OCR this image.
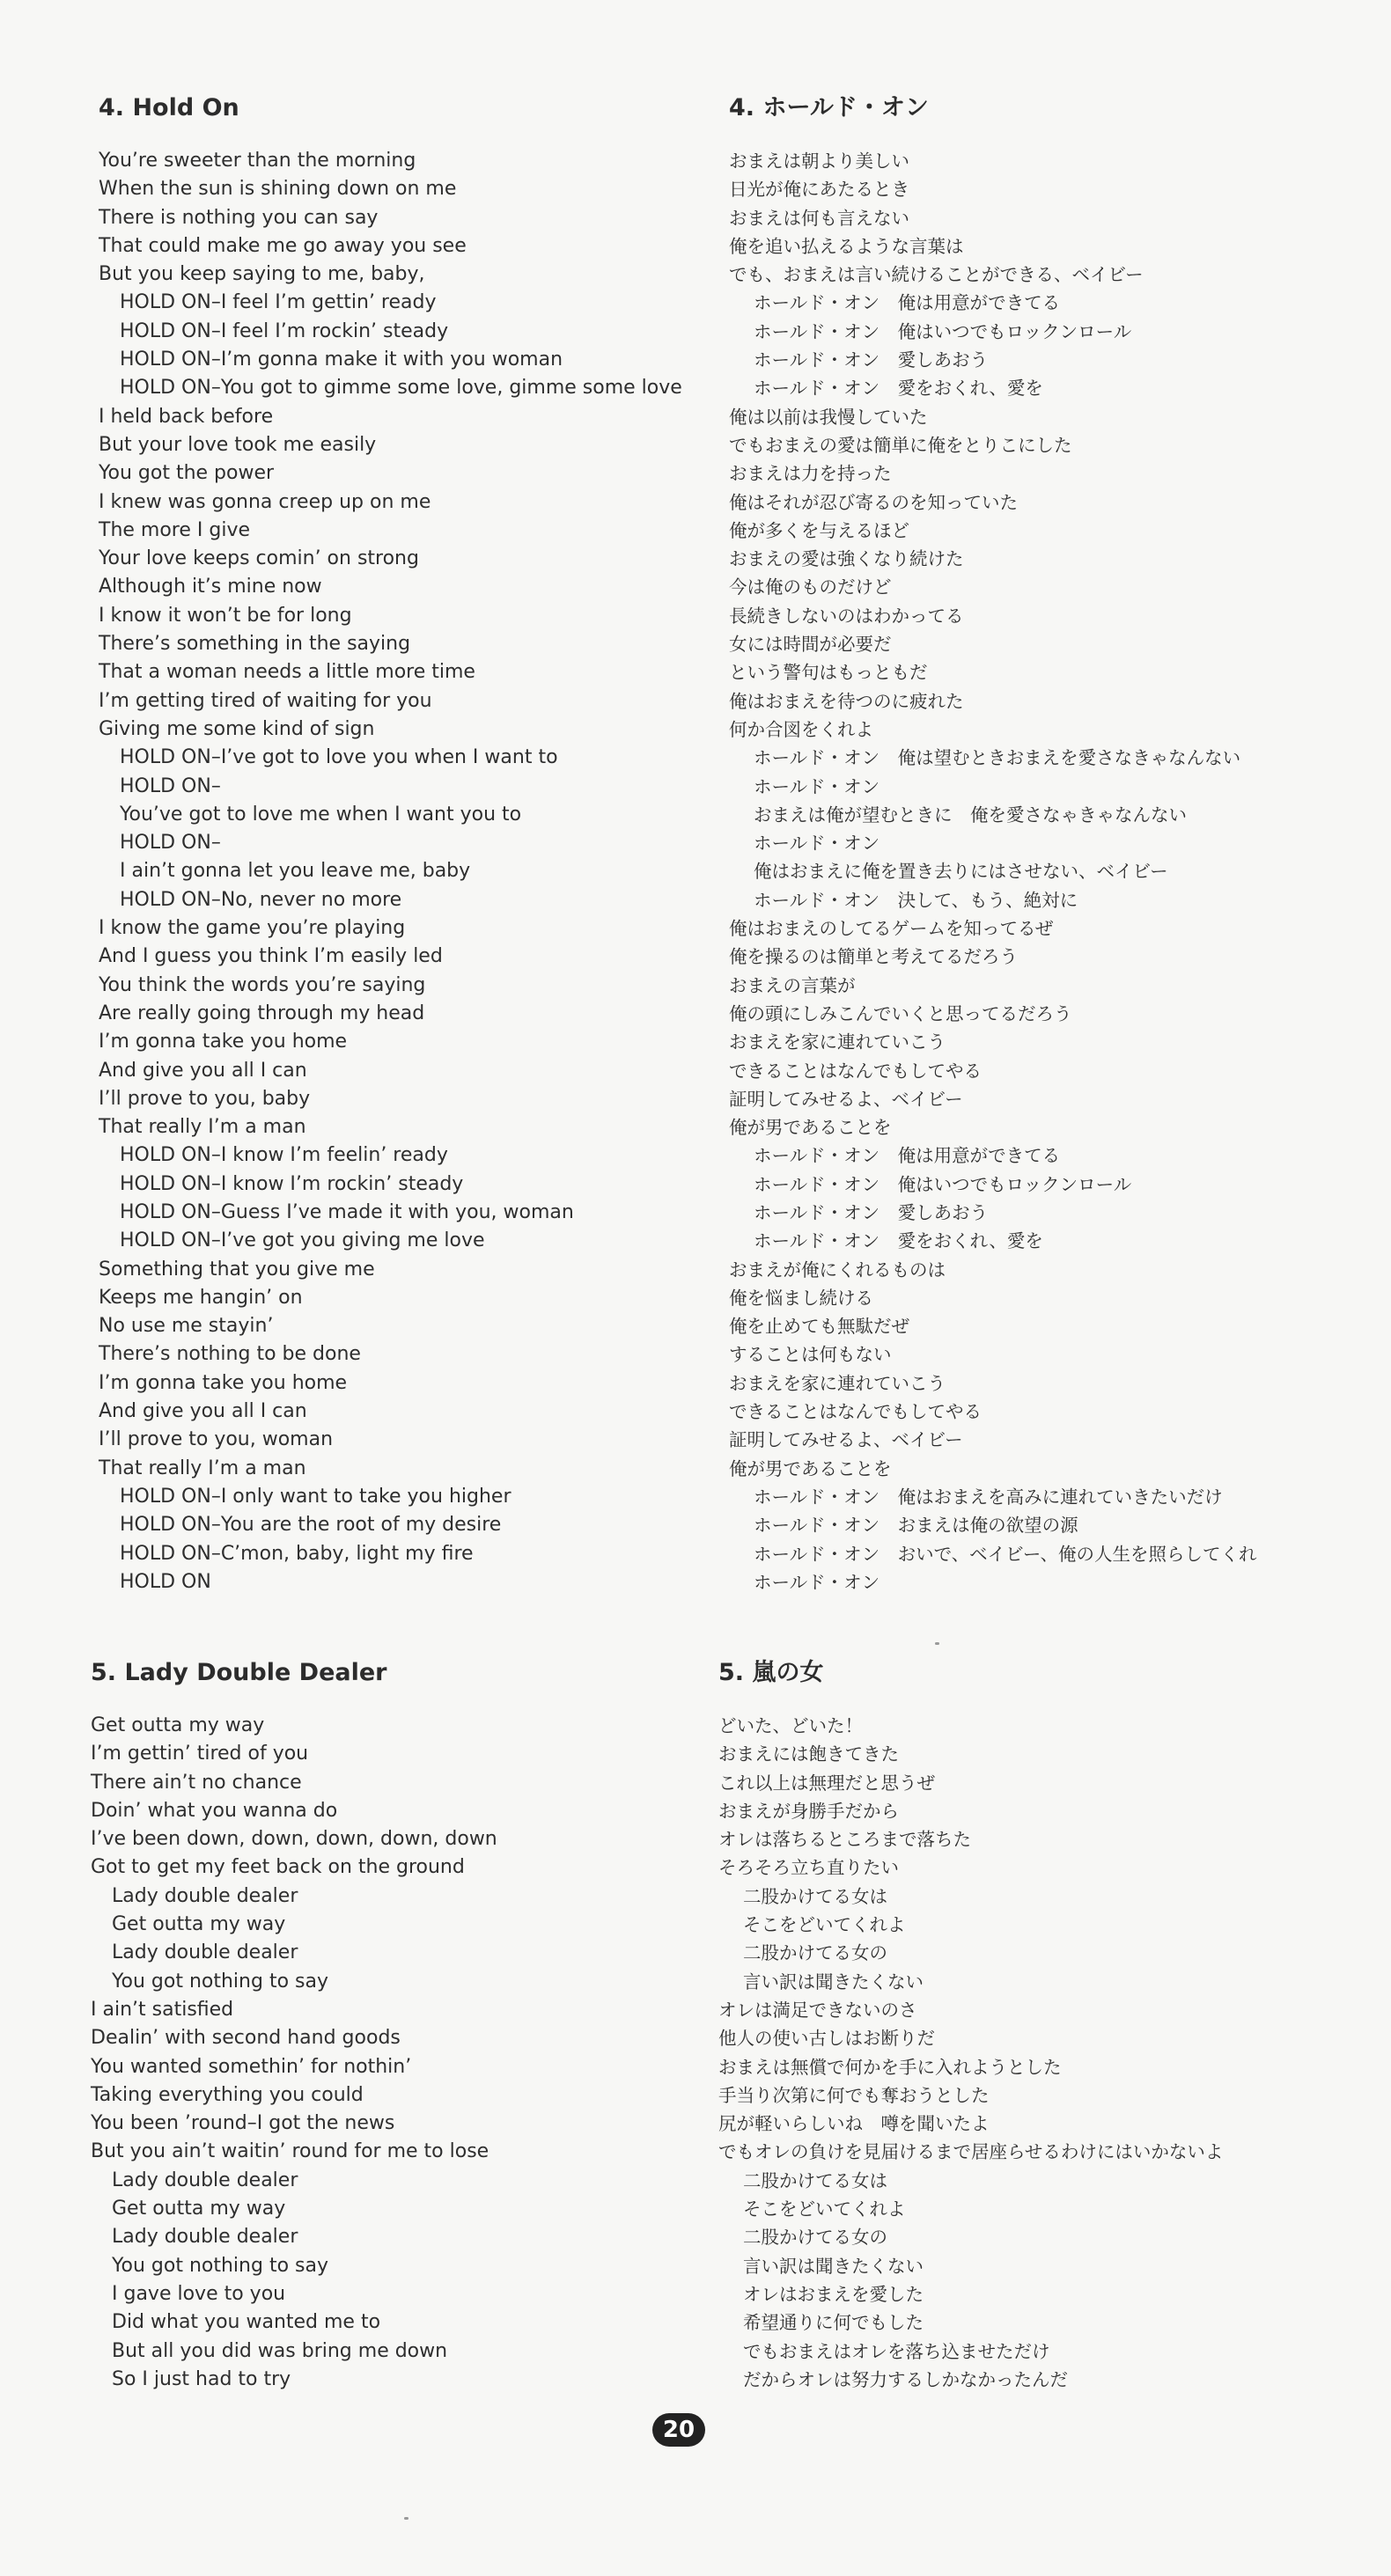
4. Hold On
You’re sweeter than the morning
When the sun is shining down on me
There is nothing you can say
That could make me go away you see
But you keep saying to me, baby,
HOLD ON–I feel I’m gettin’ ready
HOLD ON–I feel I’m rockin’ steady
HOLD ON–I’m gonna make it with you woman
HOLD ON–You got to gimme some love, gimme some love
I held back before
But your love took me easily
You got the power
I knew was gonna creep up on me
The more I give
Your love keeps comin’ on strong
Although it’s mine now
I know it won’t be for long
There’s something in the saying
That a woman needs a little more time
I’m getting tired of waiting for you
Giving me some kind of sign
HOLD ON–I’ve got to love you when I want to
HOLD ON–
You’ve got to love me when I want you to
HOLD ON–
I ain’t gonna let you leave me, baby
HOLD ON–No, never no more
I know the game you’re playing
And I guess you think I’m easily led
You think the words you’re saying
Are really going through my head
I’m gonna take you home
And give you all I can
I’ll prove to you, baby
That really I’m a man
HOLD ON–I know I’m feelin’ ready
HOLD ON–I know I’m rockin’ steady
HOLD ON–Guess I’ve made it with you, woman
HOLD ON–I’ve got you giving me love
Something that you give me
Keeps me hangin’ on
No use me stayin’
There’s nothing to be done
I’m gonna take you home
And give you all I can
I’ll prove to you, woman
That really I’m a man
HOLD ON–I only want to take you higher
HOLD ON–You are the root of my desire
HOLD ON–C’mon, baby, light my fire
HOLD ON
4. ホールド・オン
おまえは朝より美しい
日光が俺にあたるとき
おまえは何も言えない
俺を追い払えるような言葉は
でも、おまえは言い続けることができる、ベイビー
ホールド・オン　俺は用意ができてる
ホールド・オン　俺はいつでもロックンロール
ホールド・オン　愛しあおう
ホールド・オン　愛をおくれ、愛を
俺は以前は我慢していた
でもおまえの愛は簡単に俺をとりこにした
おまえは力を持った
俺はそれが忍び寄るのを知っていた
俺が多くを与えるほど
おまえの愛は強くなり続けた
今は俺のものだけど
長続きしないのはわかってる
女には時間が必要だ
という警句はもっともだ
俺はおまえを待つのに疲れた
何か合図をくれよ
ホールド・オン　俺は望むときおまえを愛さなきゃなんない
ホールド・オン
おまえは俺が望むときに　俺を愛さなゃきゃなんない
ホールド・オン
俺はおまえに俺を置き去りにはさせない、ベイビー
ホールド・オン　決して、もう、絶対に
俺はおまえのしてるゲームを知ってるぜ
俺を操るのは簡単と考えてるだろう
おまえの言葉が
俺の頭にしみこんでいくと思ってるだろう
おまえを家に連れていこう
できることはなんでもしてやる
証明してみせるよ、ベイビー
俺が男であることを
ホールド・オン　俺は用意ができてる
ホールド・オン　俺はいつでもロックンロール
ホールド・オン　愛しあおう
ホールド・オン　愛をおくれ、愛を
おまえが俺にくれるものは
俺を悩まし続ける
俺を止めても無駄だぜ
することは何もない
おまえを家に連れていこう
できることはなんでもしてやる
証明してみせるよ、ベイビー
俺が男であることを
ホールド・オン　俺はおまえを高みに連れていきたいだけ
ホールド・オン　おまえは俺の欲望の源
ホールド・オン　おいで、ベイビー、俺の人生を照らしてくれ
ホールド・オン
5. Lady Double Dealer
Get outta my way
I’m gettin’ tired of you
There ain’t no chance
Doin’ what you wanna do
I’ve been down, down, down, down, down
Got to get my feet back on the ground
Lady double dealer
Get outta my way
Lady double dealer
You got nothing to say
I ain’t satisfied
Dealin’ with second hand goods
You wanted somethin’ for nothin’
Taking everything you could
You been ’round–I got the news
But you ain’t waitin’ round for me to lose
Lady double dealer
Get outta my way
Lady double dealer
You got nothing to say
I gave love to you
Did what you wanted me to
But all you did was bring me down
So I just had to try
5. 嵐の女
どいた、どいた！
おまえには飽きてきた
これ以上は無理だと思うぜ
おまえが身勝手だから
オレは落ちるところまで落ちた
そろそろ立ち直りたい
二股かけてる女は
そこをどいてくれよ
二股かけてる女の
言い訳は聞きたくない
オレは満足できないのさ
他人の使い古しはお断りだ
おまえは無償で何かを手に入れようとした
手当り次第に何でも奪おうとした
尻が軽いらしいね　噂を聞いたよ
でもオレの負けを見届けるまで居座らせるわけにはいかないよ
二股かけてる女は
そこをどいてくれよ
二股かけてる女の
言い訳は聞きたくない
オレはおまえを愛した
希望通りに何でもした
でもおまえはオレを落ち込ませただけ
だからオレは努力するしかなかったんだ
20
